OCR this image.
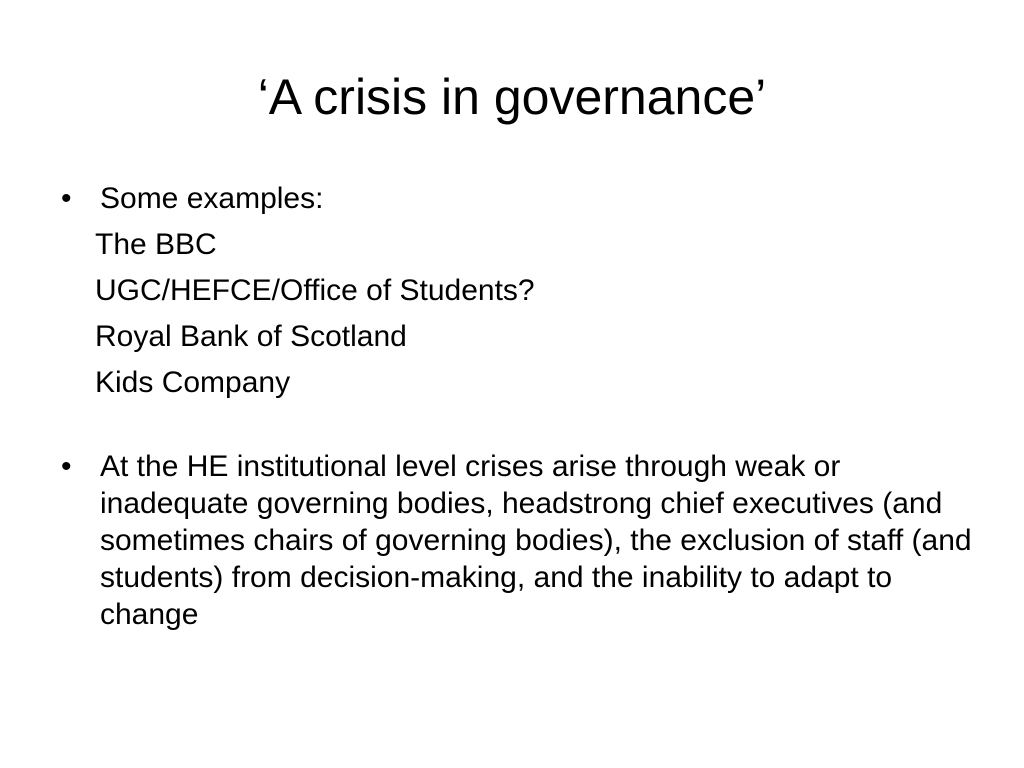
‘A crisis in governance’
• Some examples:
The BBC
UGC/HEFCE/Office of Students?
Royal Bank of Scotland
Kids Company
• At the HE institutional level crises arise through weak or inadequate governing bodies, headstrong chief executives (and sometimes chairs of governing bodies), the exclusion of staff (and students) from decision-making, and the inability to adapt to change
